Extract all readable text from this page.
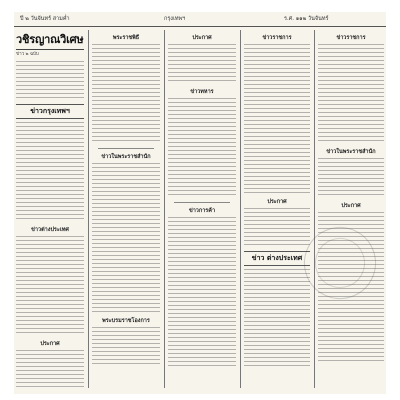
ปี ๒ วันจันทร์ สามค่ำ	กรุงเทพฯ	ร.ศ. ๑๑๒ วันจันทร์
วชิรญาณวิเศษ
ข่าว ๒ ฉบับ
ข่าวกรุงเทพฯ
ข่าวต่างประเทศ
ประกาศ
พระราชพิธี
ข่าวในพระราชสำนัก
พระบรมราชโองการ
ประกาศ
ข่าวทหาร
ข่าวการค้า
ข่าวราชการ
ประกาศ
ข่าว ต่างประเทศ
ข่าวราชการ
ข่าวในพระราชสำนัก
ประกาศ
